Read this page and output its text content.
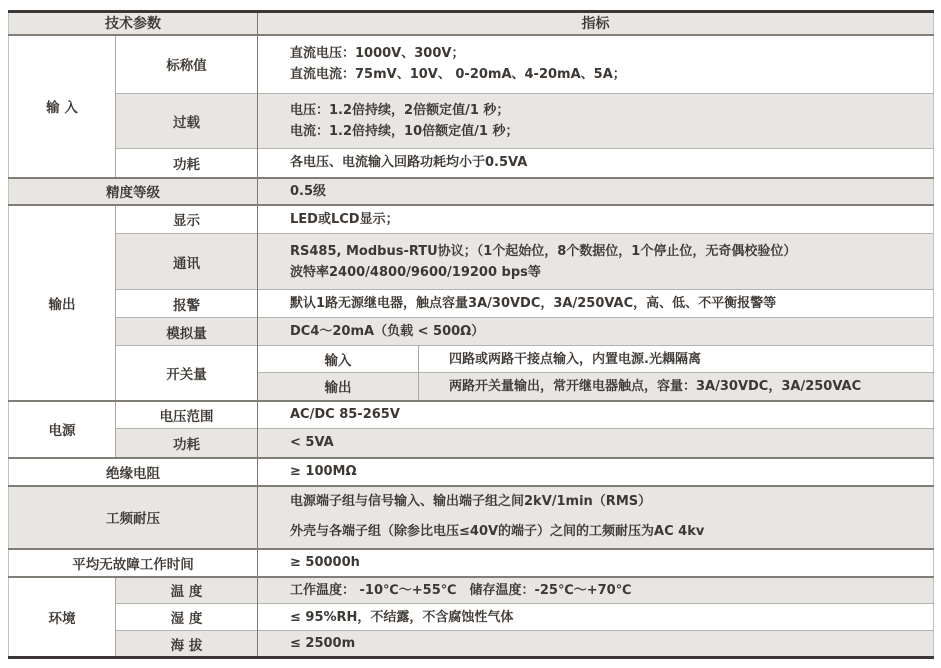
技术参数		指标	
输 入	标称值	直流电压：1000V、300V；
直流电流：75mV、10V、 0-20mA、4-20mA、5A；	

	过载	电压：1.2倍持续，2倍额定值/1 秒；
电流：1.2倍持续，10倍额定值/1 秒；	

	功耗	各电压、电流输入回路功耗均小于0.5VA	
精度等级		0.5级	
输出	显示	LED或LCD显示；	
	通讯	RS485, Modbus-RTU协议；（1个起始位，8个数据位，1个停止位，无奇偶校验位）
波特率2400/4800/9600/19200 bps等	

	报警	默认1路无源继电器，触点容量3A/30VDC，3A/250VAC，高、低、不平衡报警等	
	模拟量	DC4～20mA（负载 < 500Ω）	
	开关量	输入	四路或两路干接点输入，内置电源.光耦隔离
		输出	两路开关量输出，常开继电器触点，容量：3A/30VDC，3A/250VAC
电源	电压范围	AC/DC 85-265V	
	功耗	< 5VA	
绝缘电阻		≥ 100MΩ	
工频耐压		电源端子组与信号输入、输出端子组之间2kV/1min（RMS）
外壳与各端子组（除参比电压≤40V的端子）之间的工频耐压为AC 4kv	

平均无故障工作时间		≥ 50000h	
环境	温 度	工作温度： -10℃～+55℃　储存温度：-25℃～+70℃	
	湿 度	≤ 95%RH，不结露，不含腐蚀性气体	
	海 拔	≤ 2500m	
